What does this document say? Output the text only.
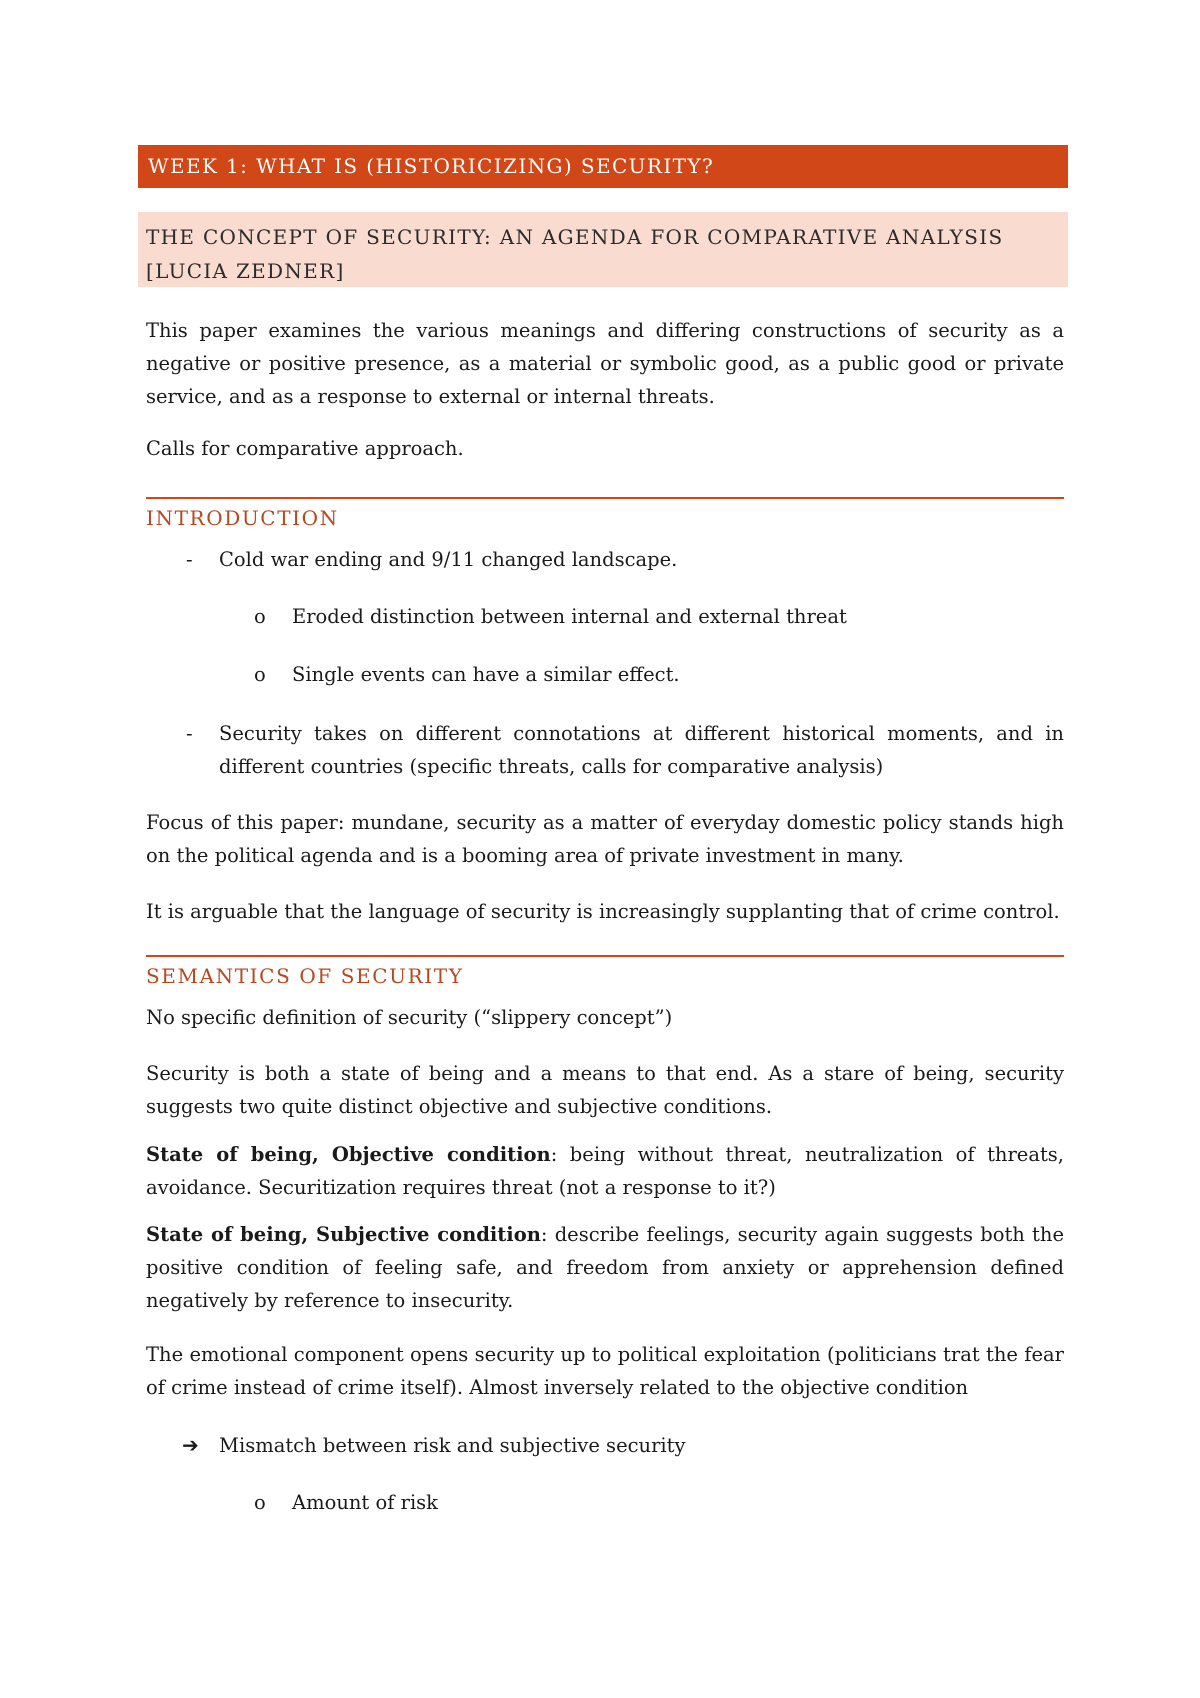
WEEK 1: WHAT IS (HISTORICIZING) SECURITY?
THE CONCEPT OF SECURITY: AN AGENDA FOR COMPARATIVE ANALYSIS
[LUCIA ZEDNER]
This paper examines the various meanings and differing constructions of security as a negative or positive presence, as a material or symbolic good, as a public good or private service, and as a response to external or internal threats.
Calls for comparative approach.
INTRODUCTION
- Cold war ending and 9/11 changed landscape.
o Eroded distinction between internal and external threat
o Single events can have a similar effect.
- Security takes on different connotations at different historical moments, and in different countries (specific threats, calls for comparative analysis)
Focus of this paper: mundane, security as a matter of everyday domestic policy stands high on the political agenda and is a booming area of private investment in many.
It is arguable that the language of security is increasingly supplanting that of crime control.
SEMANTICS OF SECURITY
No specific definition of security (“slippery concept”)
Security is both a state of being and a means to that end. As a stare of being, security suggests two quite distinct objective and subjective conditions.
State of being, Objective condition: being without threat, neutralization of threats, avoidance. Securitization requires threat (not a response to it?)
State of being, Subjective condition: describe feelings, security again suggests both the positive condition of feeling safe, and freedom from anxiety or apprehension defined negatively by reference to insecurity.
The emotional component opens security up to political exploitation (politicians trat the fear of crime instead of crime itself). Almost inversely related to the objective condition
➔ Mismatch between risk and subjective security
o Amount of risk
